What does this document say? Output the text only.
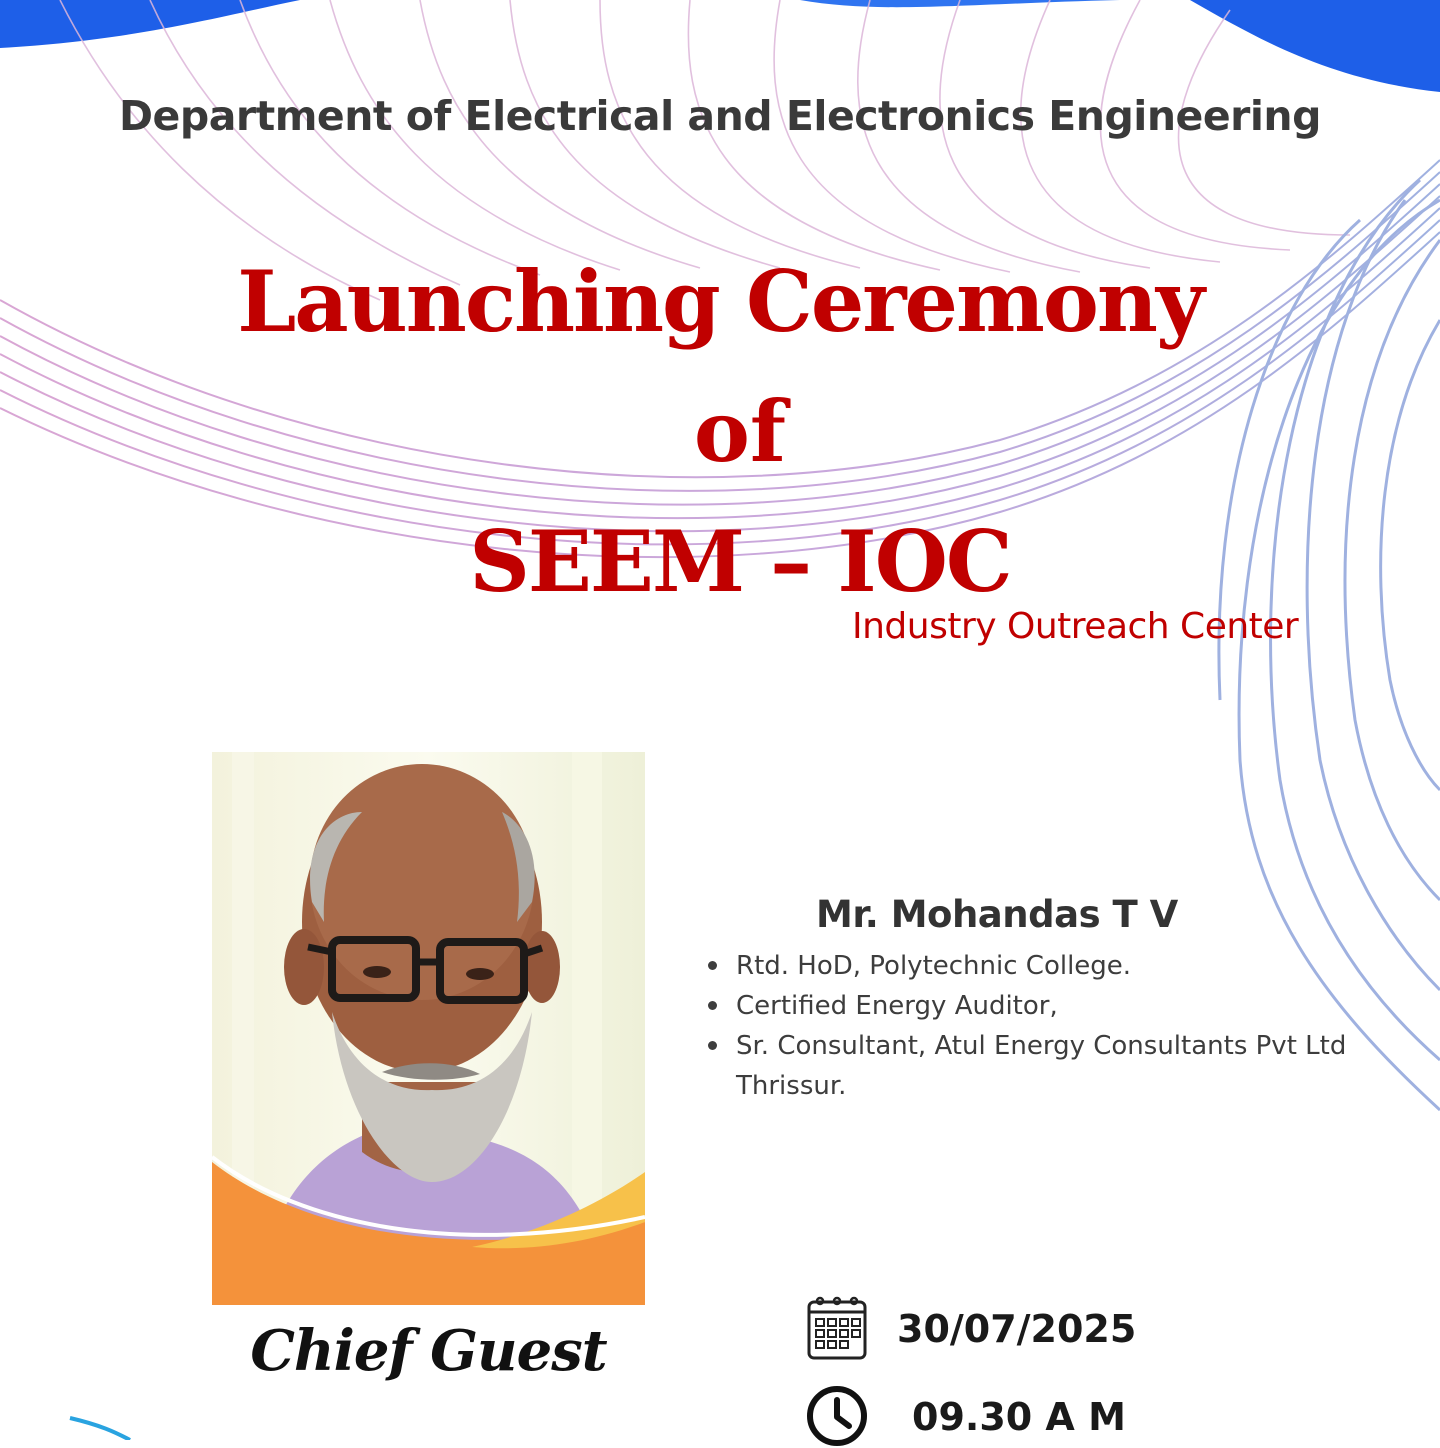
Department of Electrical and Electronics Engineering
Launching Ceremony
of
SEEM – IOC
Industry Outreach Center
Chief Guest
Mr. Mohandas T V
Rtd. HoD, Polytechnic College.
Certified Energy Auditor,
Sr. Consultant, Atul Energy Consultants Pvt Ltd Thrissur.
30/07/2025
09.30 A M
